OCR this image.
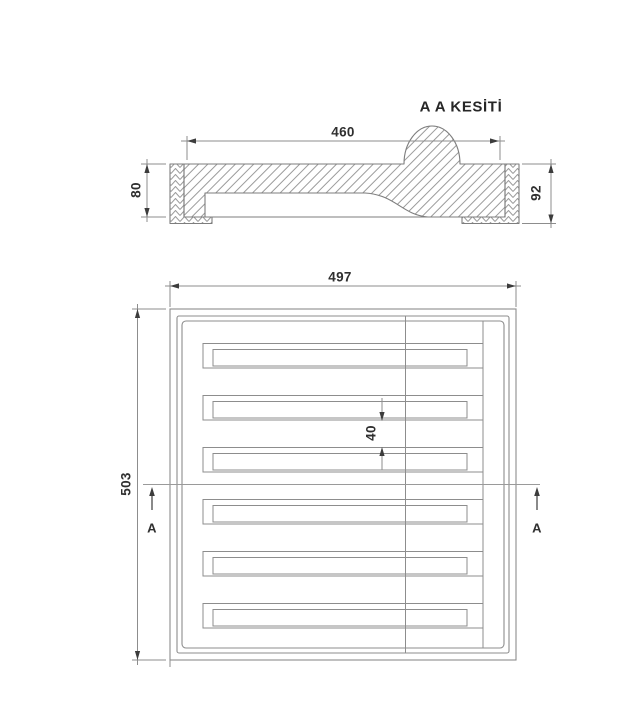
A A KESİTİ
460
80	92
497
503
40
A	A
